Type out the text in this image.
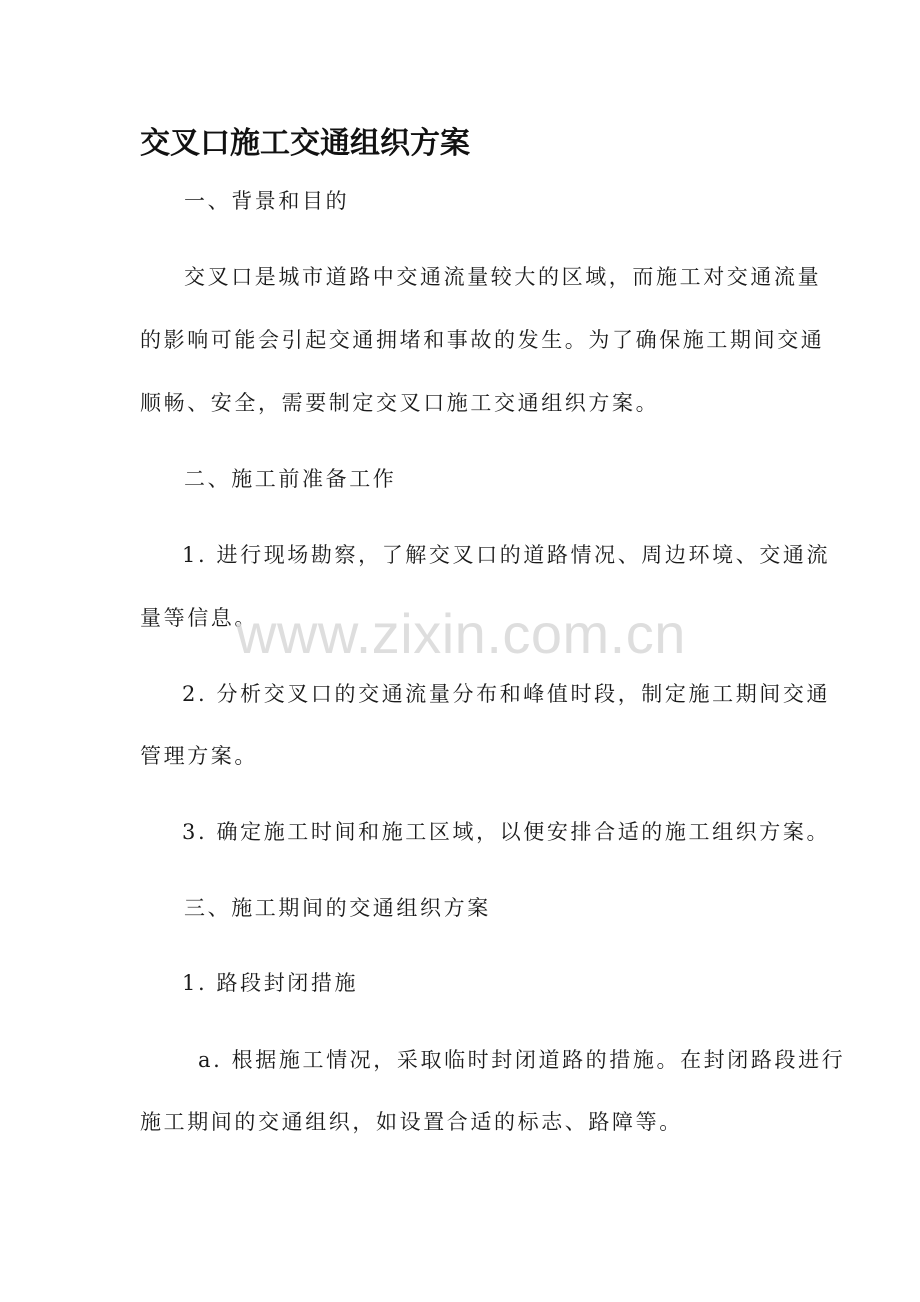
交叉口施工交通组织方案

一、背景和目的

交叉口是城市道路中交通流量较大的区域，而施工对交通流量

的影响可能会引起交通拥堵和事故的发生。为了确保施工期间交通

顺畅、安全，需要制定交叉口施工交通组织方案。

二、施工前准备工作

1. 进行现场勘察，了解交叉口的道路情况、周边环境、交通流

量等信息。

2. 分析交叉口的交通流量分布和峰值时段，制定施工期间交通

管理方案。

3. 确定施工时间和施工区域，以便安排合适的施工组织方案。

三、施工期间的交通组织方案

1. 路段封闭措施

a. 根据施工情况，采取临时封闭道路的措施。在封闭路段进行

施工期间的交通组织，如设置合适的标志、路障等。

www.zixin.com.cn
